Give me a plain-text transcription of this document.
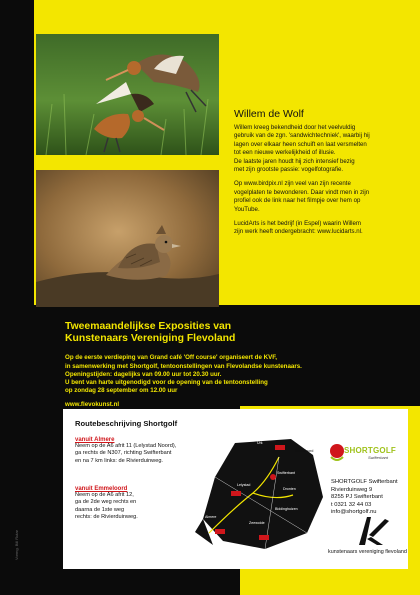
Willem de Wolf

Willem kreeg bekendheid door het veelvuldig
gebruik van de zgn. 'sandwichtechniek', waarbij hij
lagen over elkaar heen schuift en laat versmelten
tot een nieuwe werkelijkheid of illusie.
De laatste jaren houdt hij zich intensief bezig
met zijn grootste passie: vogelfotografie.

Op www.birdpix.nl zijn veel van zijn recente
vogelplaten te bewonderen. Daar vindt men in zijn
profiel ook de link naar het filmpje over hem op
YouTube.

LucidArts is het bedrijf (in Espel) waarin Willem
zijn werk heeft ondergebracht: www.lucidarts.nl.

Tweemaandelijkse Exposities van
Kunstenaars Vereniging Flevoland
Op de eerste verdieping van Grand café 'Off course' organiseert de KVF,
in samenwerking met Shortgolf, tentoonstellingen van Flevolandse kunstenaars.
Openingstijden: dagelijks van 09.00 uur tot 20.30 uur.
U bent van harte uitgenodigd voor de opening van de tentoonstelling
op zondag 28 september om 12.00 uur
www.flevokunst.nl
Routebeschrijving Shortgolf
vanuit Almere
Neem op de A6 afrit 11 (Lelystad Noord),
ga rechts de N307, richting Swifterbant
en na 7 km links: de Rivierduinweg.
vanuit Emmeloord
Neem op de A6 afrit 12,
ga de 2de weg rechts en
daarna de 1ste weg
rechts: de Rivierduinweg.
Dronten
Swifterbant
Lelystad
Biddinghuizen
Almere
Zeewolde
Emmeloord
Urk
SHORTGOLF
Swifterbant
SHORTGOLF Swifterbant
Rivierduinweg 9
8255 PJ Swifterbant
t 0321 32 44 03
info@shortgolf.nu
kunstenaars vereniging flevoland
Vormg. Bill Rutar
